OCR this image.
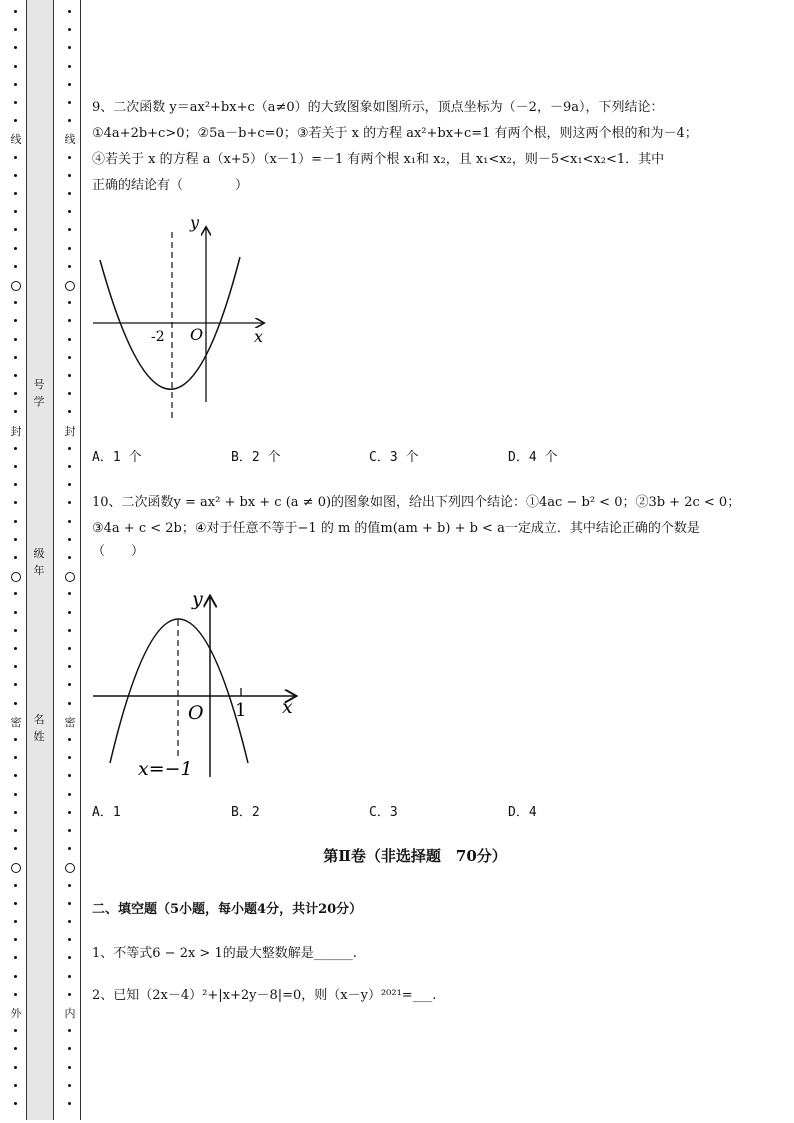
线
封
密
外
线
封
密
内
号
学
级
年
名
姓

9、二次函数 y＝ax²+bx+c（a≠0）的大致图象如图所示，顶点坐标为（－2，－9a），下列结论：

①4a+2b+c>0；②5a－b+c=0；③若关于 x 的方程 ax²+bx+c=1 有两个根，则这两个根的和为－4；

④若关于 x 的方程 a（x+5）（x－1）=－1 有两个根 x₁和 x₂，且 x₁<x₂，则－5<x₁<x₂<1．其中

正确的结论有（　　　　）

y
x
O
-2
A．1 个	B．2 个	C．3 个	D．4 个

10、二次函数y = ax² + bx + c (a ≠ 0)的图象如图，给出下列四个结论：①4ac − b² < 0；②3b + 2c < 0；

③4a + c < 2b；④对于任意不等于−1 的 m 的值m(am + b) + b < a一定成立．其中结论正确的个数是

（　　）

y
x
O 1
x=−1
A．1	B．2	C．3	D．4
第Ⅱ卷（非选择题　70分）
二、填空题（5小题，每小题4分，共计20分）
1、不等式6 − 2x > 1的最大整数解是______.
2、已知（2x－4）²+|x+2y－8|=0，则（x－y）²⁰²¹=___.
